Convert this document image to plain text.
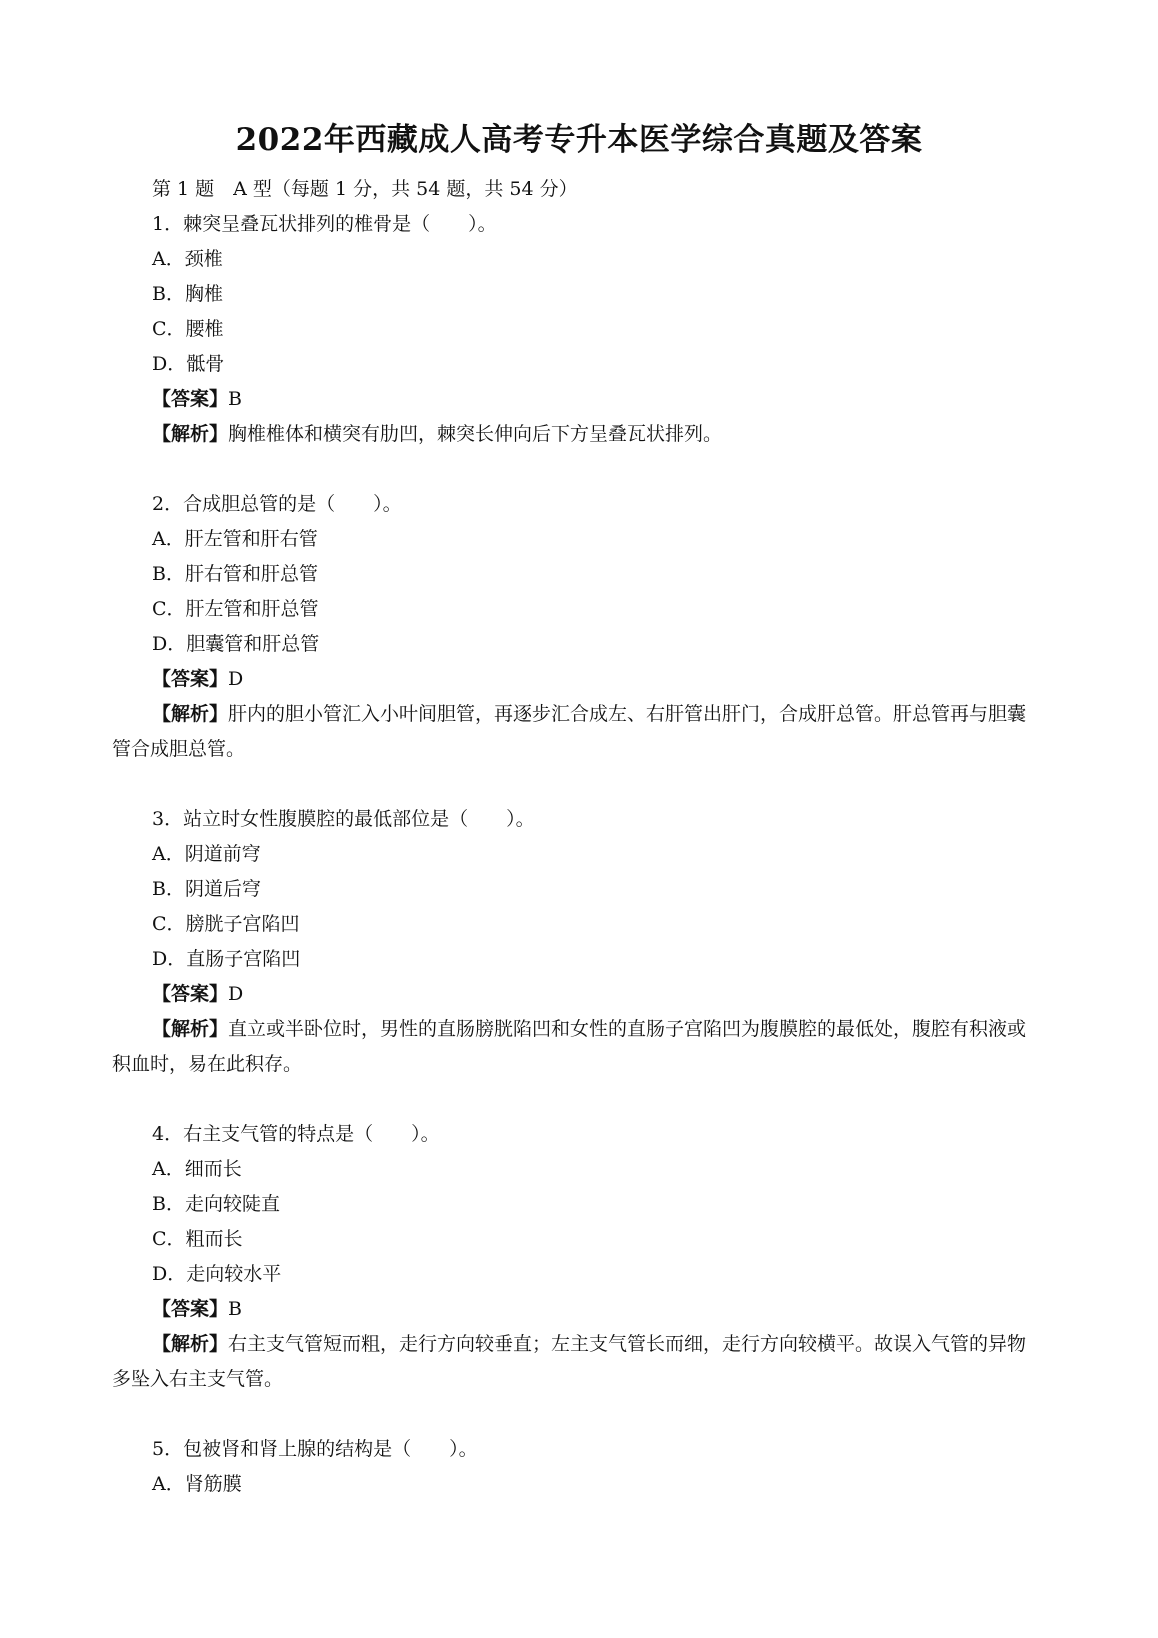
2022年西藏成人高考专升本医学综合真题及答案
第 1 题　A 型（每题 1 分，共 54 题，共 54 分）
1．棘突呈叠瓦状排列的椎骨是（　　）。
A．颈椎
B．胸椎
C．腰椎
D．骶骨
【答案】B
【解析】胸椎椎体和横突有肋凹，棘突长伸向后下方呈叠瓦状排列。
2．合成胆总管的是（　　）。
A．肝左管和肝右管
B．肝右管和肝总管
C．肝左管和肝总管
D．胆囊管和肝总管
【答案】D
【解析】肝内的胆小管汇入小叶间胆管，再逐步汇合成左、右肝管出肝门，合成肝总管。肝总管再与胆囊管合成胆总管。
3．站立时女性腹膜腔的最低部位是（　　）。
A．阴道前穹
B．阴道后穹
C．膀胱子宫陷凹
D．直肠子宫陷凹
【答案】D
【解析】直立或半卧位时，男性的直肠膀胱陷凹和女性的直肠子宫陷凹为腹膜腔的最低处，腹腔有积液或积血时，易在此积存。
4．右主支气管的特点是（　　）。
A．细而长
B．走向较陡直
C．粗而长
D．走向较水平
【答案】B
【解析】右主支气管短而粗，走行方向较垂直；左主支气管长而细，走行方向较横平。故误入气管的异物多坠入右主支气管。
5．包被肾和肾上腺的结构是（　　）。
A．肾筋膜
